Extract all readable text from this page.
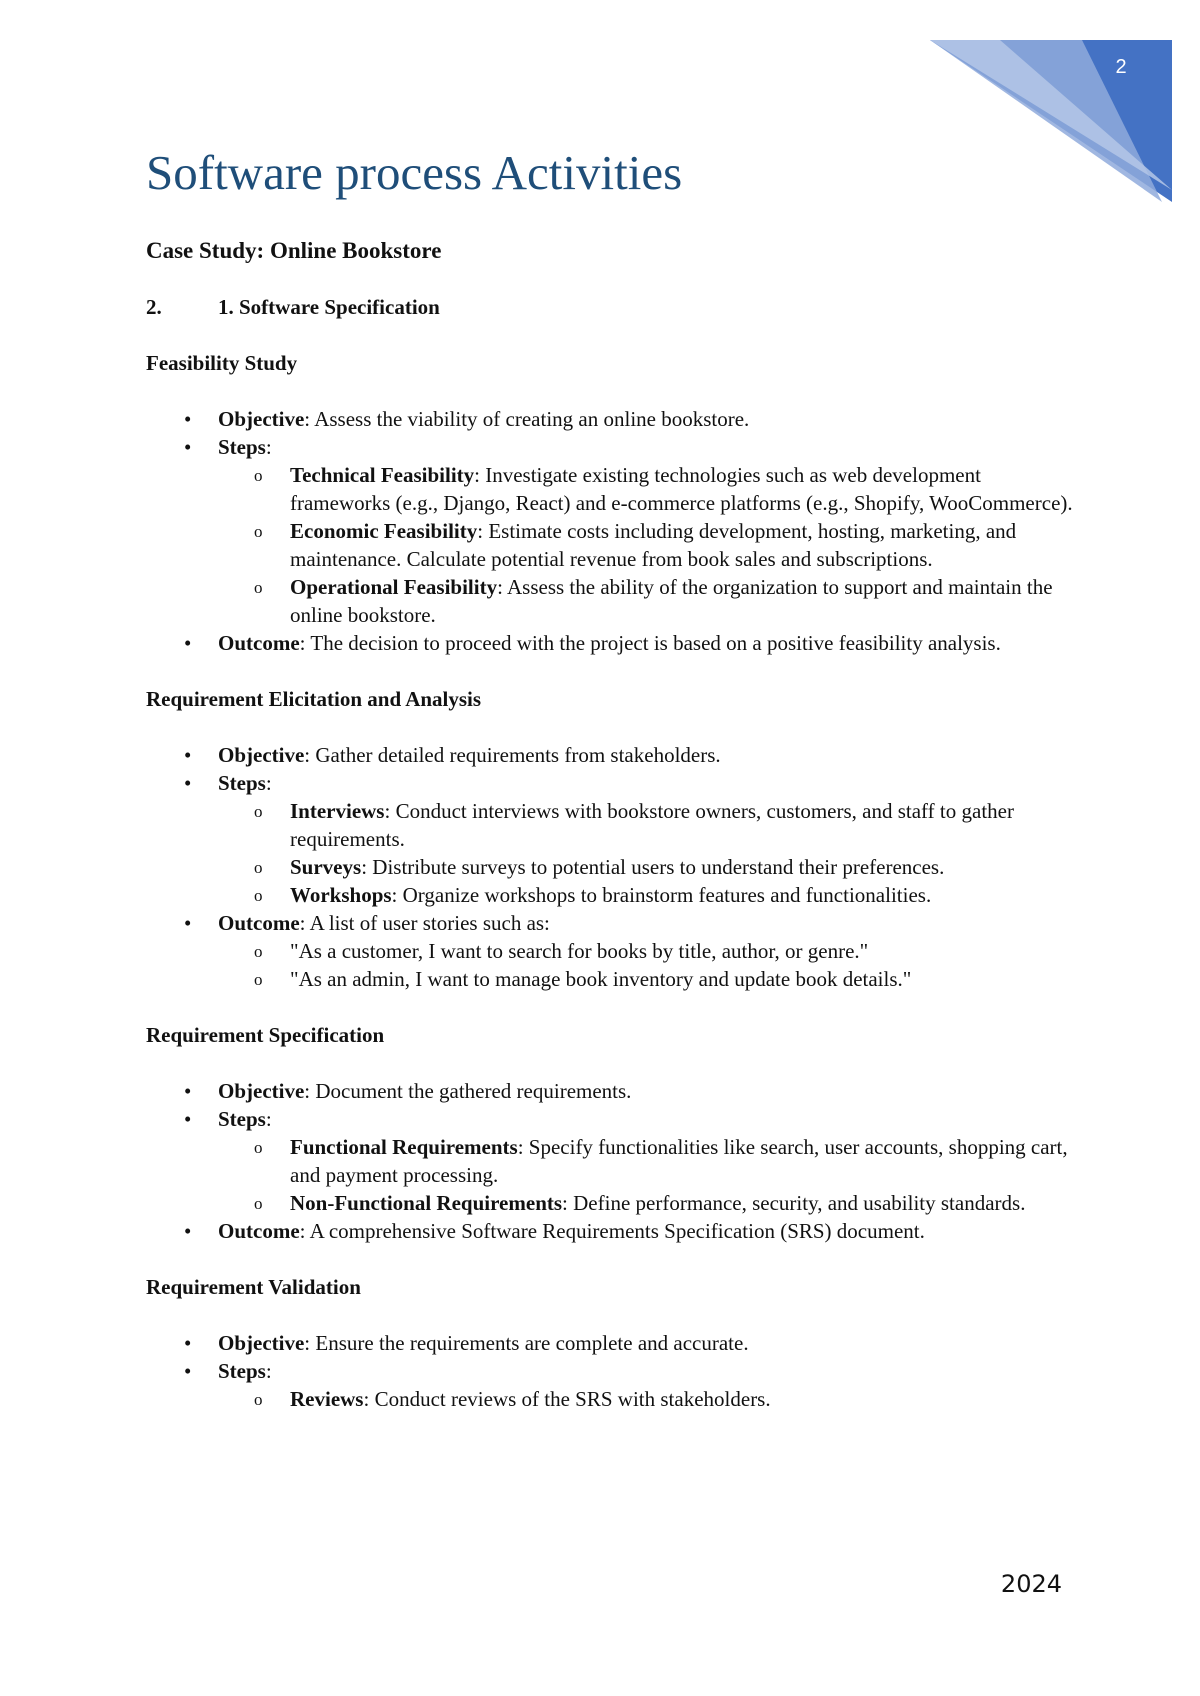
2
Software process Activities

Case Study: Online Bookstore

2.	1. Software Specification

Feasibility Study

• Objective: Assess the viability of creating an online bookstore.
• Steps:
o Technical Feasibility: Investigate existing technologies such as web development frameworks (e.g., Django, React) and e-commerce platforms (e.g., Shopify, WooCommerce).
o Economic Feasibility: Estimate costs including development, hosting, marketing, and maintenance. Calculate potential revenue from book sales and subscriptions.
o Operational Feasibility: Assess the ability of the organization to support and maintain the online bookstore.
• Outcome: The decision to proceed with the project is based on a positive feasibility analysis.

Requirement Elicitation and Analysis

• Objective: Gather detailed requirements from stakeholders.
• Steps:
o Interviews: Conduct interviews with bookstore owners, customers, and staff to gather requirements.
o Surveys: Distribute surveys to potential users to understand their preferences.
o Workshops: Organize workshops to brainstorm features and functionalities.
• Outcome: A list of user stories such as:
o "As a customer, I want to search for books by title, author, or genre."
o "As an admin, I want to manage book inventory and update book details."

Requirement Specification

• Objective: Document the gathered requirements.
• Steps:
o Functional Requirements: Specify functionalities like search, user accounts, shopping cart, and payment processing.
o Non-Functional Requirements: Define performance, security, and usability standards.
• Outcome: A comprehensive Software Requirements Specification (SRS) document.

Requirement Validation

• Objective: Ensure the requirements are complete and accurate.
• Steps:
o Reviews: Conduct reviews of the SRS with stakeholders.
2024
